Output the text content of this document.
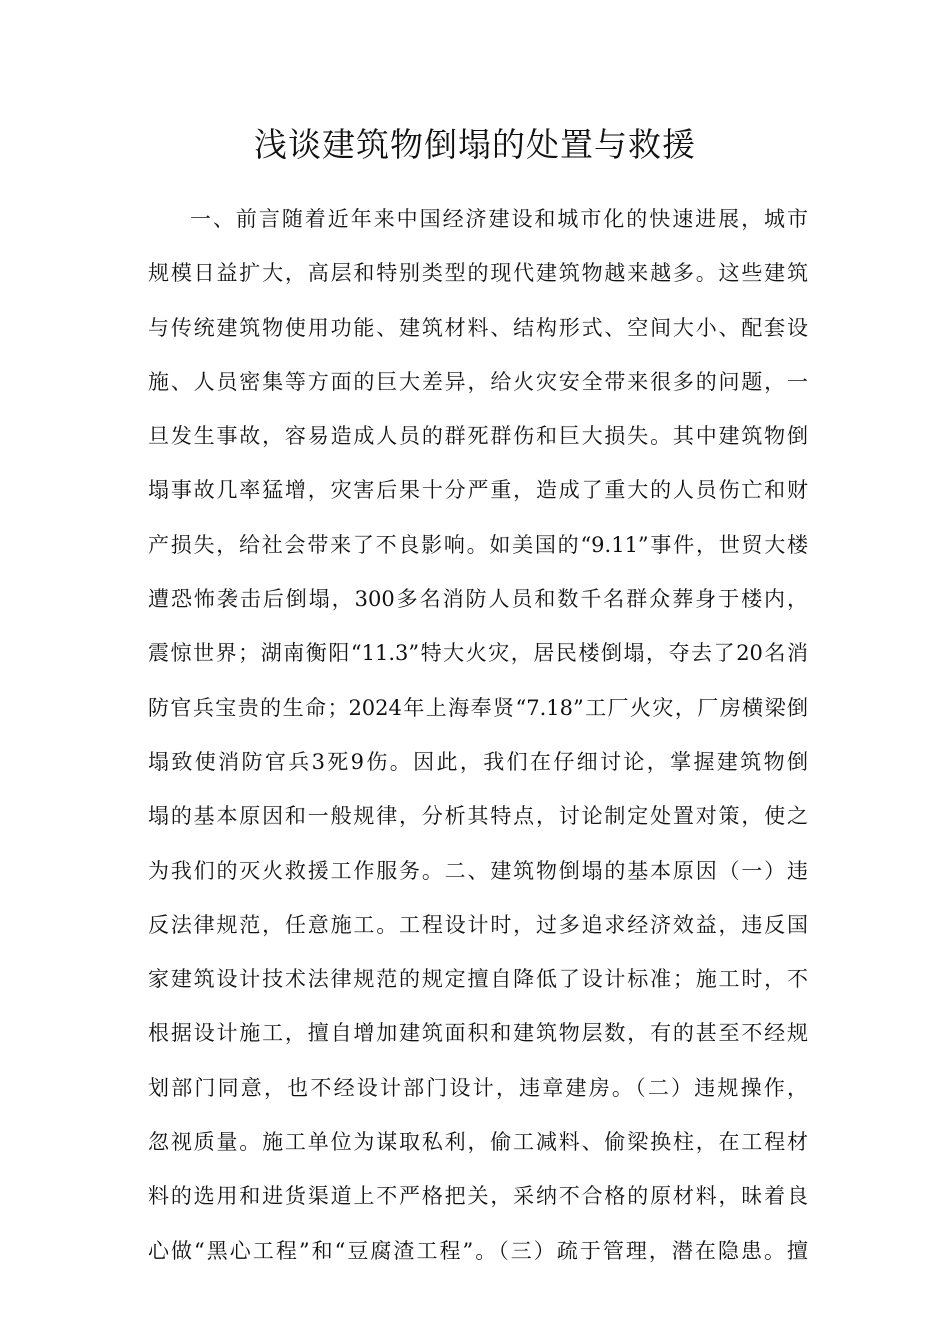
浅谈建筑物倒塌的处置与救援
一、前言随着近年来中国经济建设和城市化的快速进展，城市
规模日益扩大，高层和特别类型的现代建筑物越来越多。这些建筑
与传统建筑物使用功能、建筑材料、结构形式、空间大小、配套设
施、人员密集等方面的巨大差异，给火灾安全带来很多的问题，一
旦发生事故，容易造成人员的群死群伤和巨大损失。其中建筑物倒
塌事故几率猛增，灾害后果十分严重，造成了重大的人员伤亡和财
产损失，给社会带来了不良影响。如美国的“9.11”事件，世贸大楼
遭恐怖袭击后倒塌，300多名消防人员和数千名群众葬身于楼内，
震惊世界；湖南衡阳“11.3”特大火灾，居民楼倒塌，夺去了20名消
防官兵宝贵的生命；2024年上海奉贤“7.18”工厂火灾，厂房横梁倒
塌致使消防官兵3死9伤。因此，我们在仔细讨论，掌握建筑物倒
塌的基本原因和一般规律，分析其特点，讨论制定处置对策，使之
为我们的灭火救援工作服务。二、建筑物倒塌的基本原因（一）违
反法律规范，任意施工。工程设计时，过多追求经济效益，违反国
家建筑设计技术法律规范的规定擅自降低了设计标准；施工时，不
根据设计施工，擅自增加建筑面积和建筑物层数，有的甚至不经规
划部门同意，也不经设计部门设计，违章建房。（二）违规操作，
忽视质量。施工单位为谋取私利，偷工减料、偷梁换柱，在工程材
料的选用和进货渠道上不严格把关，采纳不合格的原材料，昧着良
心做“黑心工程”和“豆腐渣工程”。（三）疏于管理，潜在隐患。擅
